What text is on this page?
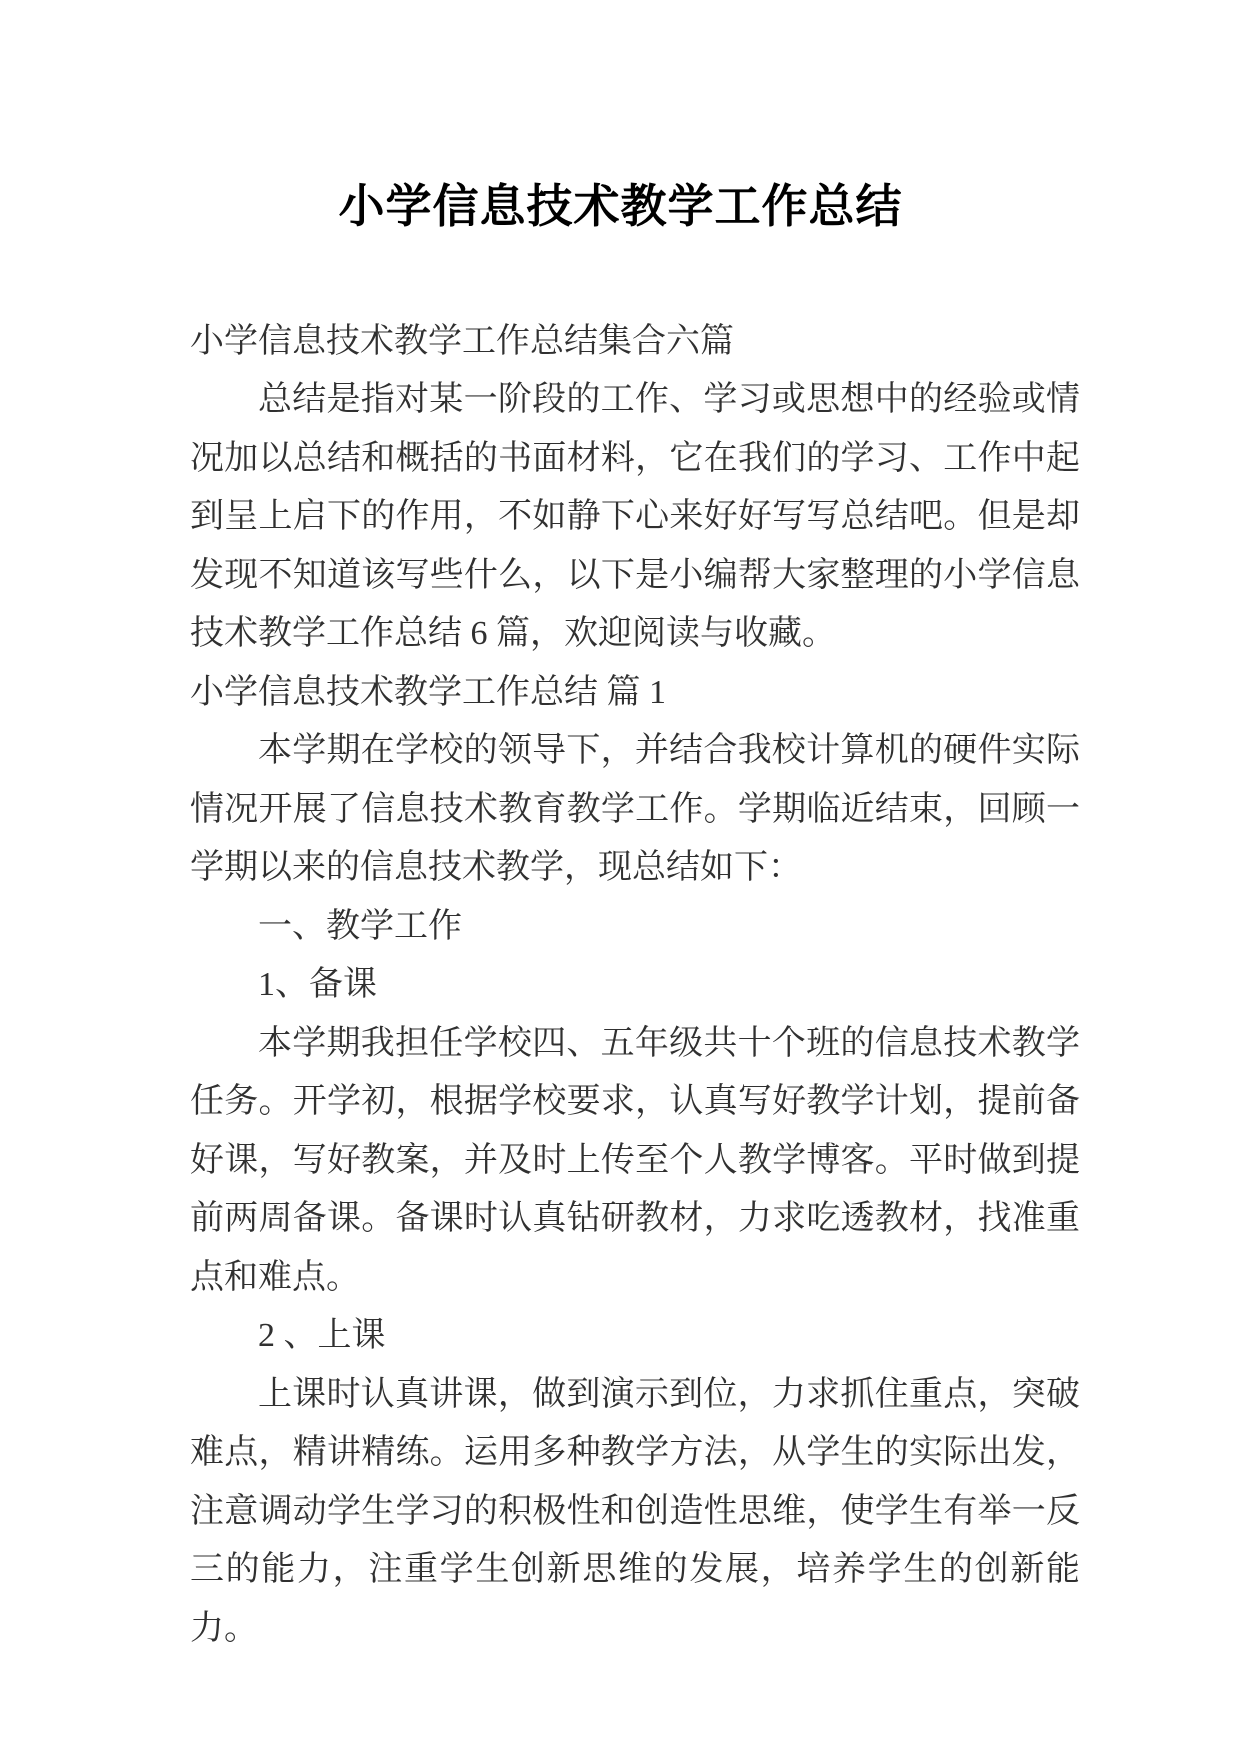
小学信息技术教学工作总结

小学信息技术教学工作总结集合六篇

总结是指对某一阶段的工作、学习或思想中的经验或情况加以总结和概括的书面材料，它在我们的学习、工作中起到呈上启下的作用，不如静下心来好好写写总结吧。但是却发现不知道该写些什么，以下是小编帮大家整理的小学信息技术教学工作总结 6 篇，欢迎阅读与收藏。

小学信息技术教学工作总结 篇 1

本学期在学校的领导下，并结合我校计算机的硬件实际情况开展了信息技术教育教学工作。学期临近结束，回顾一学期以来的信息技术教学，现总结如下：

一、教学工作

1、备课

本学期我担任学校四、五年级共十个班的信息技术教学任务。开学初，根据学校要求，认真写好教学计划，提前备好课，写好教案，并及时上传至个人教学博客。平时做到提前两周备课。备课时认真钻研教材，力求吃透教材，找准重点和难点。

2 、上课

上课时认真讲课，做到演示到位，力求抓住重点，突破难点，精讲精练。运用多种教学方法，从学生的实际出发，注意调动学生学习的积极性和创造性思维，使学生有举一反三的能力，注重学生创新思维的发展，培养学生的创新能力。
